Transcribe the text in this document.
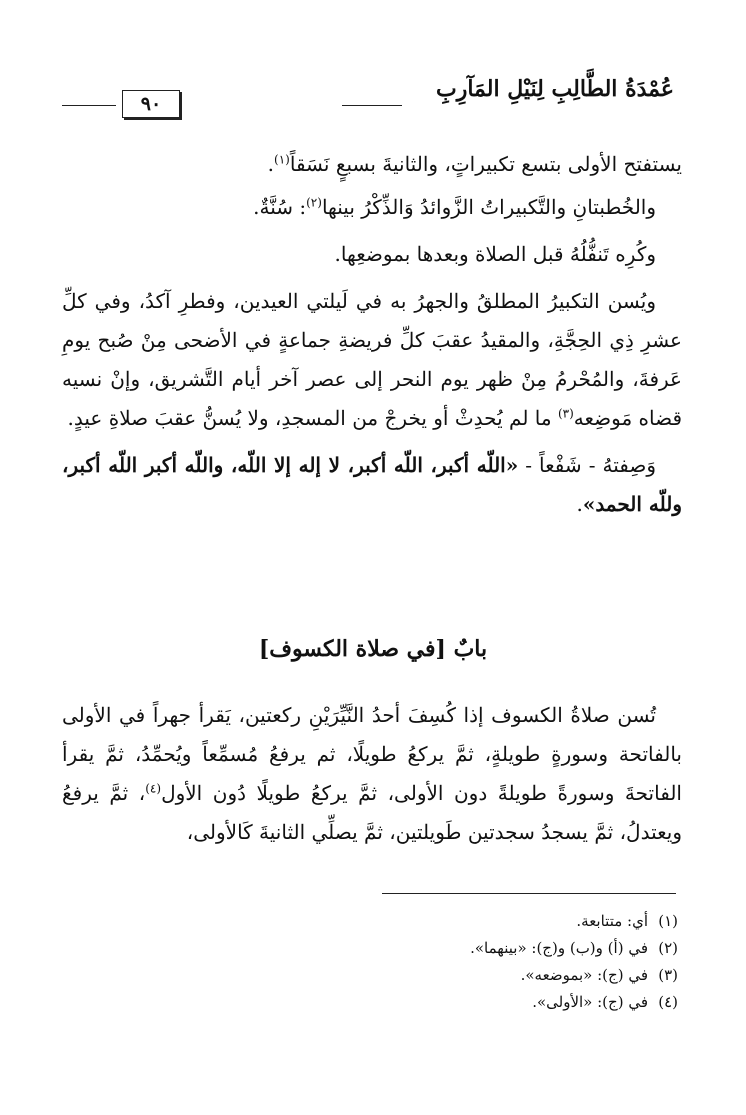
عُمْدَةُ الطَّالِبِ لِنَيْلِ المَآرِبِ
٩٠

يستفتح الأولى بتسع تكبيراتٍ، والثانيةَ بسبعٍ نَسَقاً$^{(١)}$.

والخُطبتانِ والتَّكبيراتُ الزَّوائدُ وَالذِّكْرُ بينها$^{(٢)}$: سُنَّةٌ.

وكُرِه تَنفُّلُهُ قبل الصلاة وبعدها بموضعِها.

ويُسن التكبيرُ المطلقُ والجهرُ به في لَيلتي العيدين، وفطرِ آكدُ، وفي كلِّ عشرِ ذِي الحِجَّةِ، والمقيدُ عقبَ كلِّ فريضةِ جماعةٍ في الأضحى مِنْ صُبح يومِ عَرفةَ، والمُحْرمُ مِنْ ظهر يوم النحر إلى عصر آخر أيام التَّشريق، وإنْ نسيه قضاه مَوضِعه$^{(٣)}$ ما لم يُحدِثْ أو يخرجْ من المسجدِ، ولا يُسنُّ عقبَ صلاةِ عيدٍ.

وَصِفتهُ - شَفْعاً - «اللّه أكبر، اللّه أكبر، لا إله إلا اللّه، واللّه أكبر اللّه أكبر، وللّه الحمد».

بابٌ [في صلاة الكسوف]

تُسن صلاةُ الكسوف إذا كُسِفَ أحدُ النَّيِّرَيْنِ ركعتين، يَقرأ جهراً في الأولى بالفاتحة وسورةٍ طويلةٍ، ثمَّ يركعُ طويلًا، ثم يرفعُ مُسمِّعاً ويُحمِّدُ، ثمَّ يقرأ الفاتحةَ وسورةً طويلةً دون الأولى، ثمَّ يركعُ طويلًا دُون الأول$^{(٤)}$، ثمَّ يرفعُ ويعتدلُ، ثمَّ يسجدُ سجدتين طَويلتين، ثمَّ يصلِّي الثانيةَ كَالأولى،

(١)أي: متتابعة.
(٢)في (أ) و(ب) و(ج): «بينهما».
(٣)في (ج): «بموضعه».
(٤)في (ج): «الأولى».
